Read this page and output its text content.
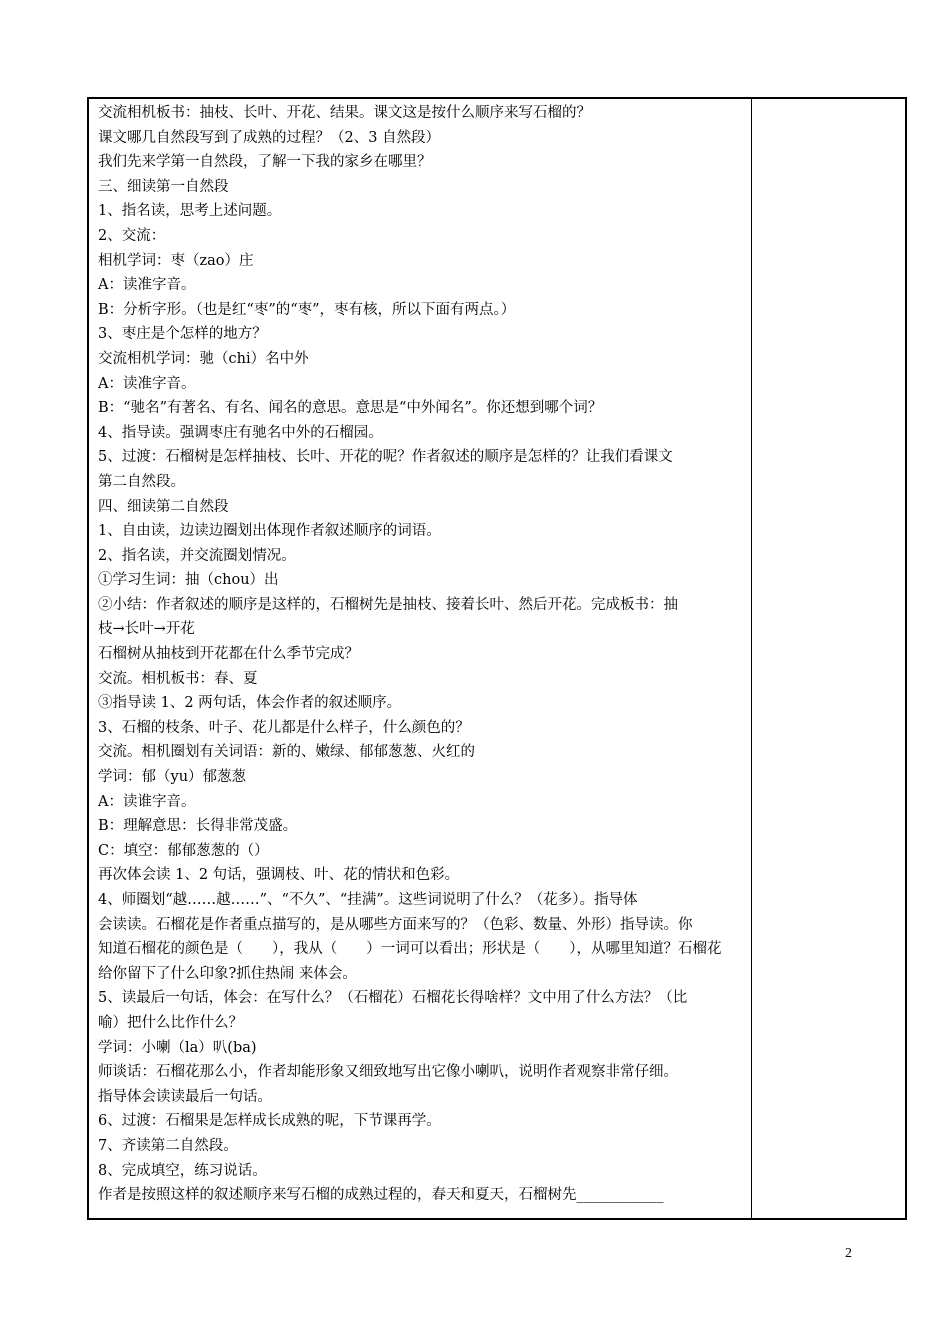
交流相机板书：抽枝、长叶、开花、结果。课文这是按什么顺序来写石榴的？
课文哪几自然段写到了成熟的过程？（2、3 自然段）
我们先来学第一自然段，了解一下我的家乡在哪里？
三、细读第一自然段
1、指名读，思考上述问题。
2、交流：
相机学词：枣（zao）庄
A：读准字音。
B：分析字形。（也是红“枣”的“枣”，枣有核，所以下面有两点。）
3、枣庄是个怎样的地方？
交流相机学词：驰（chi）名中外
A：读准字音。
B：“驰名”有著名、有名、闻名的意思。意思是“中外闻名”。你还想到哪个词？
4、指导读。强调枣庄有驰名中外的石榴园。
5、过渡：石榴树是怎样抽枝、长叶、开花的呢？作者叙述的顺序是怎样的？让我们看课文
第二自然段。
四、细读第二自然段
1、自由读，边读边圈划出体现作者叙述顺序的词语。
2、指名读，并交流圈划情况。
①学习生词：抽（chou）出
②小结：作者叙述的顺序是这样的，石榴树先是抽枝、接着长叶、然后开花。完成板书：抽
枝→长叶→开花
石榴树从抽枝到开花都在什么季节完成？
交流。相机板书：春、夏
③指导读 1、2 两句话，体会作者的叙述顺序。
3、石榴的枝条、叶子、花儿都是什么样子，什么颜色的？
交流。相机圈划有关词语：新的、嫩绿、郁郁葱葱、火红的
学词：郁（yu）郁葱葱
A：读谁字音。
B：理解意思：长得非常茂盛。
C：填空：郁郁葱葱的（）
再次体会读 1、2 句话，强调枝、叶、花的情状和色彩。
4、师圈划“越……越……”、“不久”、“挂满”。这些词说明了什么？（花多）。指导体
会读读。石榴花是作者重点描写的，是从哪些方面来写的？（色彩、数量、外形）指导读。你
知道石榴花的颜色是（　　），我从（　　）一词可以看出；形状是（　　），从哪里知道？石榴花
给你留下了什么印象?抓住热闹 来体会。
5、读最后一句话，体会：在写什么？（石榴花）石榴花长得啥样？文中用了什么方法？（比
喻）把什么比作什么？
学词：小喇（la）叭(ba)
师谈话：石榴花那么小，作者却能形象又细致地写出它像小喇叭，说明作者观察非常仔细。
指导体会读读最后一句话。
6、过渡：石榴果是怎样成长成熟的呢，下节课再学。
7、齐读第二自然段。
8、完成填空，练习说话。
作者是按照这样的叙述顺序来写石榴的成熟过程的，春天和夏天，石榴树先____________
2
